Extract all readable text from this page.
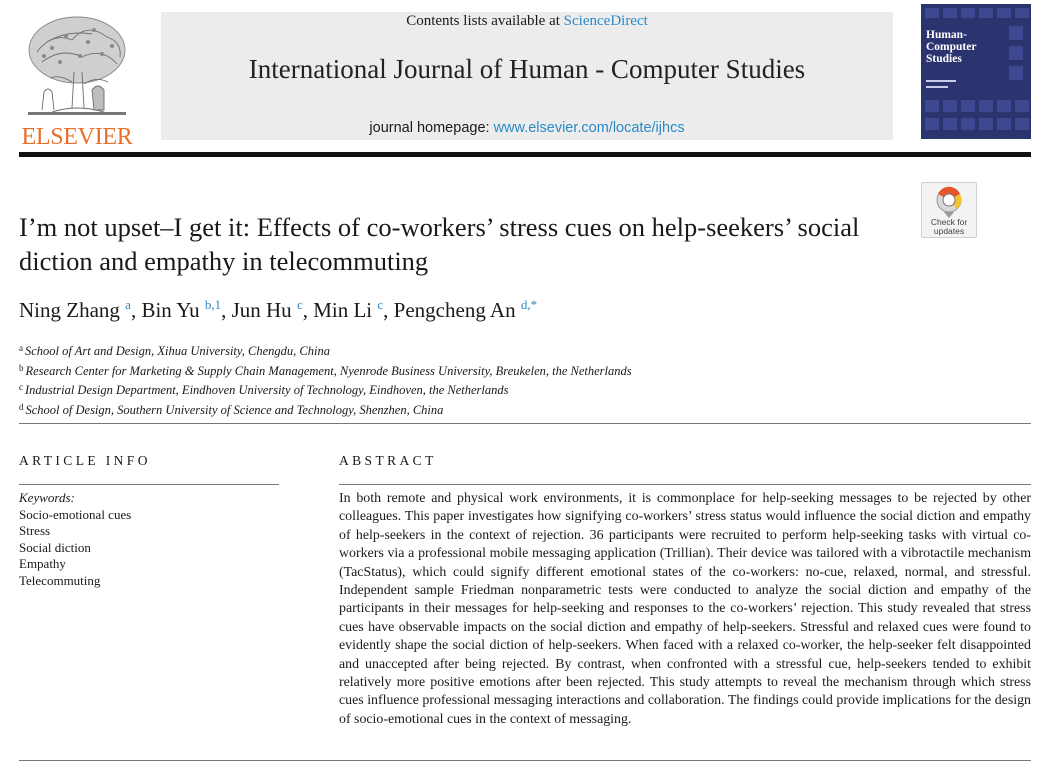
ELSEVIER
Contents lists available at ScienceDirect
International Journal of Human - Computer Studies
journal homepage: www.elsevier.com/locate/ijhcs
Human-
Computer
Studies
Check for updates
I’m not upset–I get it: Effects of co-workers’ stress cues on help-seekers’ social diction and empathy in telecommuting
Ning Zhang $^a$, Bin Yu $^{b,1}$, Jun Hu $^c$, Min Li $^c$, Pengcheng An $^{d,*}$
$^a$ School of Art and Design, Xihua University, Chengdu, China
$^b$ Research Center for Marketing & Supply Chain Management, Nyenrode Business University, Breukelen, the Netherlands
$^c$ Industrial Design Department, Eindhoven University of Technology, Eindhoven, the Netherlands
$^d$ School of Design, Southern University of Science and Technology, Shenzhen, China
ARTICLE INFO
Keywords:
Socio-emotional cues
Stress
Social diction
Empathy
Telecommuting
ABSTRACT

In both remote and physical work environments, it is commonplace for help-seeking messages to be rejected by other colleagues. This paper investigates how signifying co-workers’ stress status would influence the social diction and empathy of help-seekers in the context of rejection. 36 participants were recruited to perform help-seeking tasks with virtual co-workers via a professional mobile messaging application (Trillian). Their device was tailored with a vibrotactile mechanism (TacStatus), which could signify different emotional states of the co-workers: no-cue, relaxed, normal, and stressful. Independent sample Friedman nonparametric tests were conducted to analyze the social diction and empathy of the participants in their messages for help-seeking and responses to the co-workers’ rejection. This study revealed that stress cues have observable impacts on the social diction and empathy of help-seekers. Stressful and relaxed cues were found to evidently shape the social diction of help-seekers. When faced with a relaxed co-worker, the help-seeker felt disappointed and unaccepted after being rejected. By contrast, when confronted with a stressful cue, help-seekers tended to exhibit relatively more positive emotions after been rejected. This study attempts to reveal the mechanism through which stress cues influence professional messaging interactions and collaboration. The findings could provide implications for the design of socio-emotional cues in the context of messaging.
